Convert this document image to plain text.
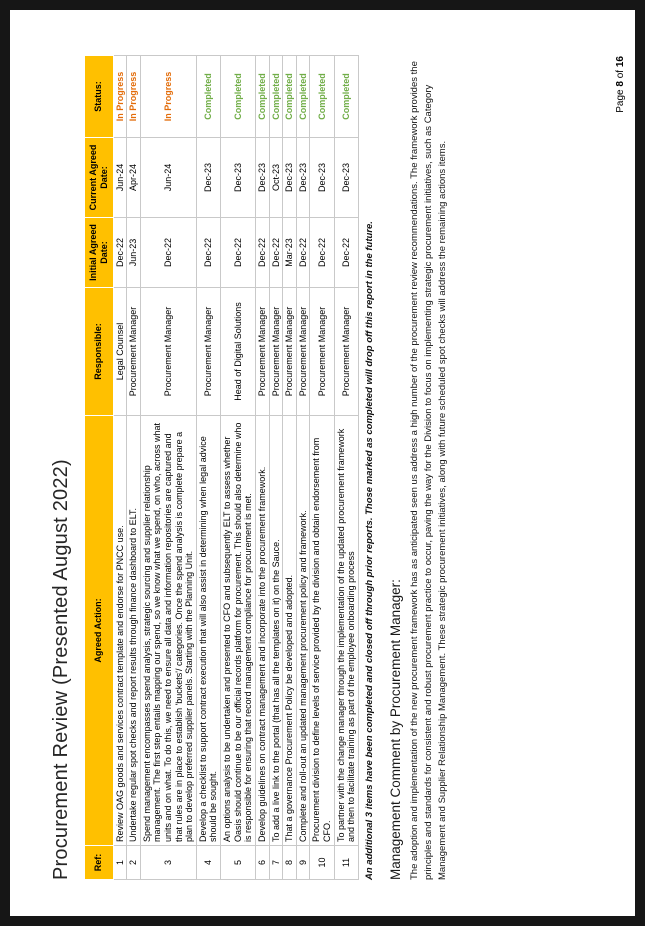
Procurement Review (Presented August 2022) Ref:	Agreed Action:	Responsible:	Initial Agreed Date:	Current Agreed Date:	Status:
1	Review OAG goods and services contract template and endorse for PNCC use.	Legal Counsel	Dec-22	Jun-24	In Progress
2	Undertake regular spot checks and report results through finance dashboard to ELT.	Procurement Manager	Jun-23	Apr-24	In Progress
3	Spend management encompasses spend analysis, strategic sourcing and supplier relationship management. The first step entails mapping our spend, so we know what we spend, on who, across what units and on what. To do this, we need to ensure all data and information repositories are captured and that rules are in place to establish 'buckets'/ categories. Once the spend analysis is complete prepare a plan to develop preferred supplier panels. Starting with the Planning Unit.	Procurement Manager	Dec-22	Jun-24	In Progress
4	Develop a checklist to support contract execution that will also assist in determining when legal advice should be sought.	Procurement Manager	Dec-22	Dec-23	Completed
5	An options analysis to be undertaken and presented to CFO and subsequently ELT to assess whether Oasis should continue to be our official records platform for procurement. This should also determine who is responsible for ensuring that record management compliance for procurement is met.	Head of Digital Solutions	Dec-22	Dec-23	Completed
6	Develop guidelines on contract management and incorporate into the procurement framework.	Procurement Manager	Dec-22	Dec-23	Completed
7	To add a live link to the portal (that has all the templates on it) on the Sauce.	Procurement Manager	Dec-22	Oct-23	Completed
8	That a governance Procurement Policy be developed and adopted.	Procurement Manager	Mar-23	Dec-23	Completed
9	Complete and roll-out an updated management procurement policy and framework.	Procurement Manager	Dec-22	Dec-23	Completed
10	Procurement division to define levels of service provided by the division and obtain endorsement from CFO.	Procurement Manager	Dec-22	Dec-23	Completed
11	To partner with the change manager through the implementation of the updated procurement framework and then to facilitate training as part of the employee onboarding process	Procurement Manager	Dec-22	Dec-23	Completed
An additional 3 items have been completed and closed off through prior reports. Those marked as completed will drop off this report in the future. Management Comment by Procurement Manager: The adoption and implementation of the new procurement framework has as anticipated seen us address a high number of the procurement review recommendations. The framework provides the principles and standards for consistent and robust procurement practice to occur, paving the way for the Division to focus on implementing strategic procurement initiatives, such as Category Management and Supplier Relationship Management. These strategic procurement initiatives, along with future scheduled spot checks will address the remaining actions items.
Page 8 of 16
